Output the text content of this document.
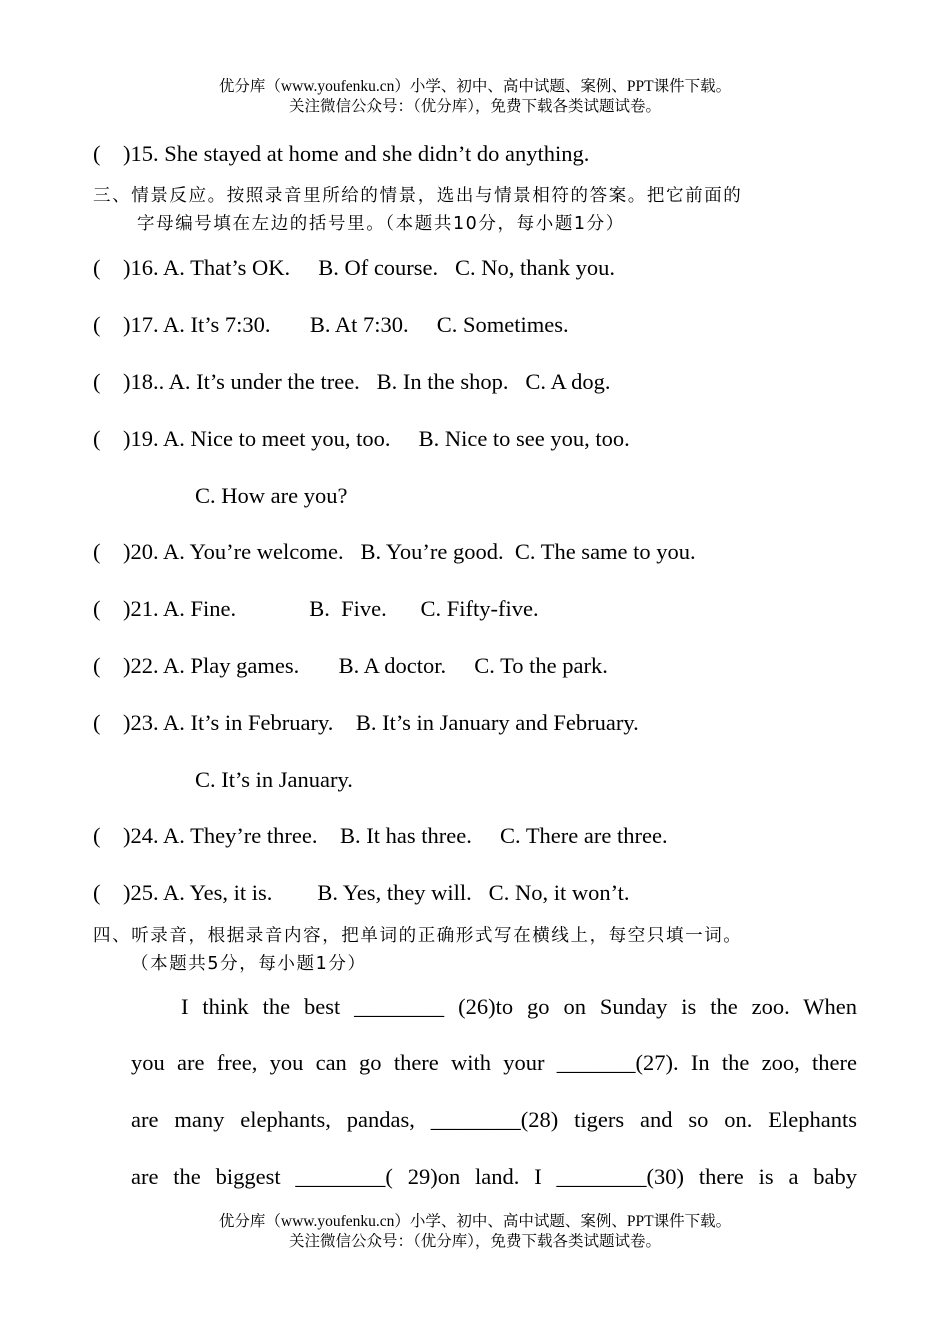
优分库（www.youfenku.cn）小学、初中、高中试题、案例、PPT课件下载。
关注微信公众号：（优分库），免费下载各类试题试卷。
(    )15. She stayed at home and she didn’t do anything.
三、情景反应。按照录音里所给的情景，选出与情景相符的答案。把它前面的
字母编号填在左边的括号里。（本题共10分，每小题1分）
(    )16. A. That’s OK.     B. Of course.   C. No, thank you.
(    )17. A. It’s 7:30.       B. At 7:30.     C. Sometimes.
(    )18.. A. It’s under the tree.   B. In the shop.   C. A dog.
(    )19. A. Nice to meet you, too.     B. Nice to see you, too.
C. How are you?
(    )20. A. You’re welcome.   B. You’re good.  C. The same to you.
(    )21. A. Fine.             B.  Five.      C. Fifty-five.
(    )22. A. Play games.       B. A doctor.     C. To the park.
(    )23. A. It’s in February.    B. It’s in January and February.
C. It’s in January.
(    )24. A. They’re three.    B. It has three.     C. There are three.
(    )25. A. Yes, it is.        B. Yes, they will.   C. No, it won’t.
四、听录音，根据录音内容，把单词的正确形式写在横线上，每空只填一词。
（本题共5分，每小题1分）
I think the best ________ (26)to go on Sunday is the zoo. When
you are free, you can go there with your _______(27). In the zoo, there
are many elephants, pandas, ________(28) tigers and so on. Elephants
are the biggest ________( 29)on land. I ________(30) there is a baby
优分库（www.youfenku.cn）小学、初中、高中试题、案例、PPT课件下载。
关注微信公众号：（优分库），免费下载各类试题试卷。
